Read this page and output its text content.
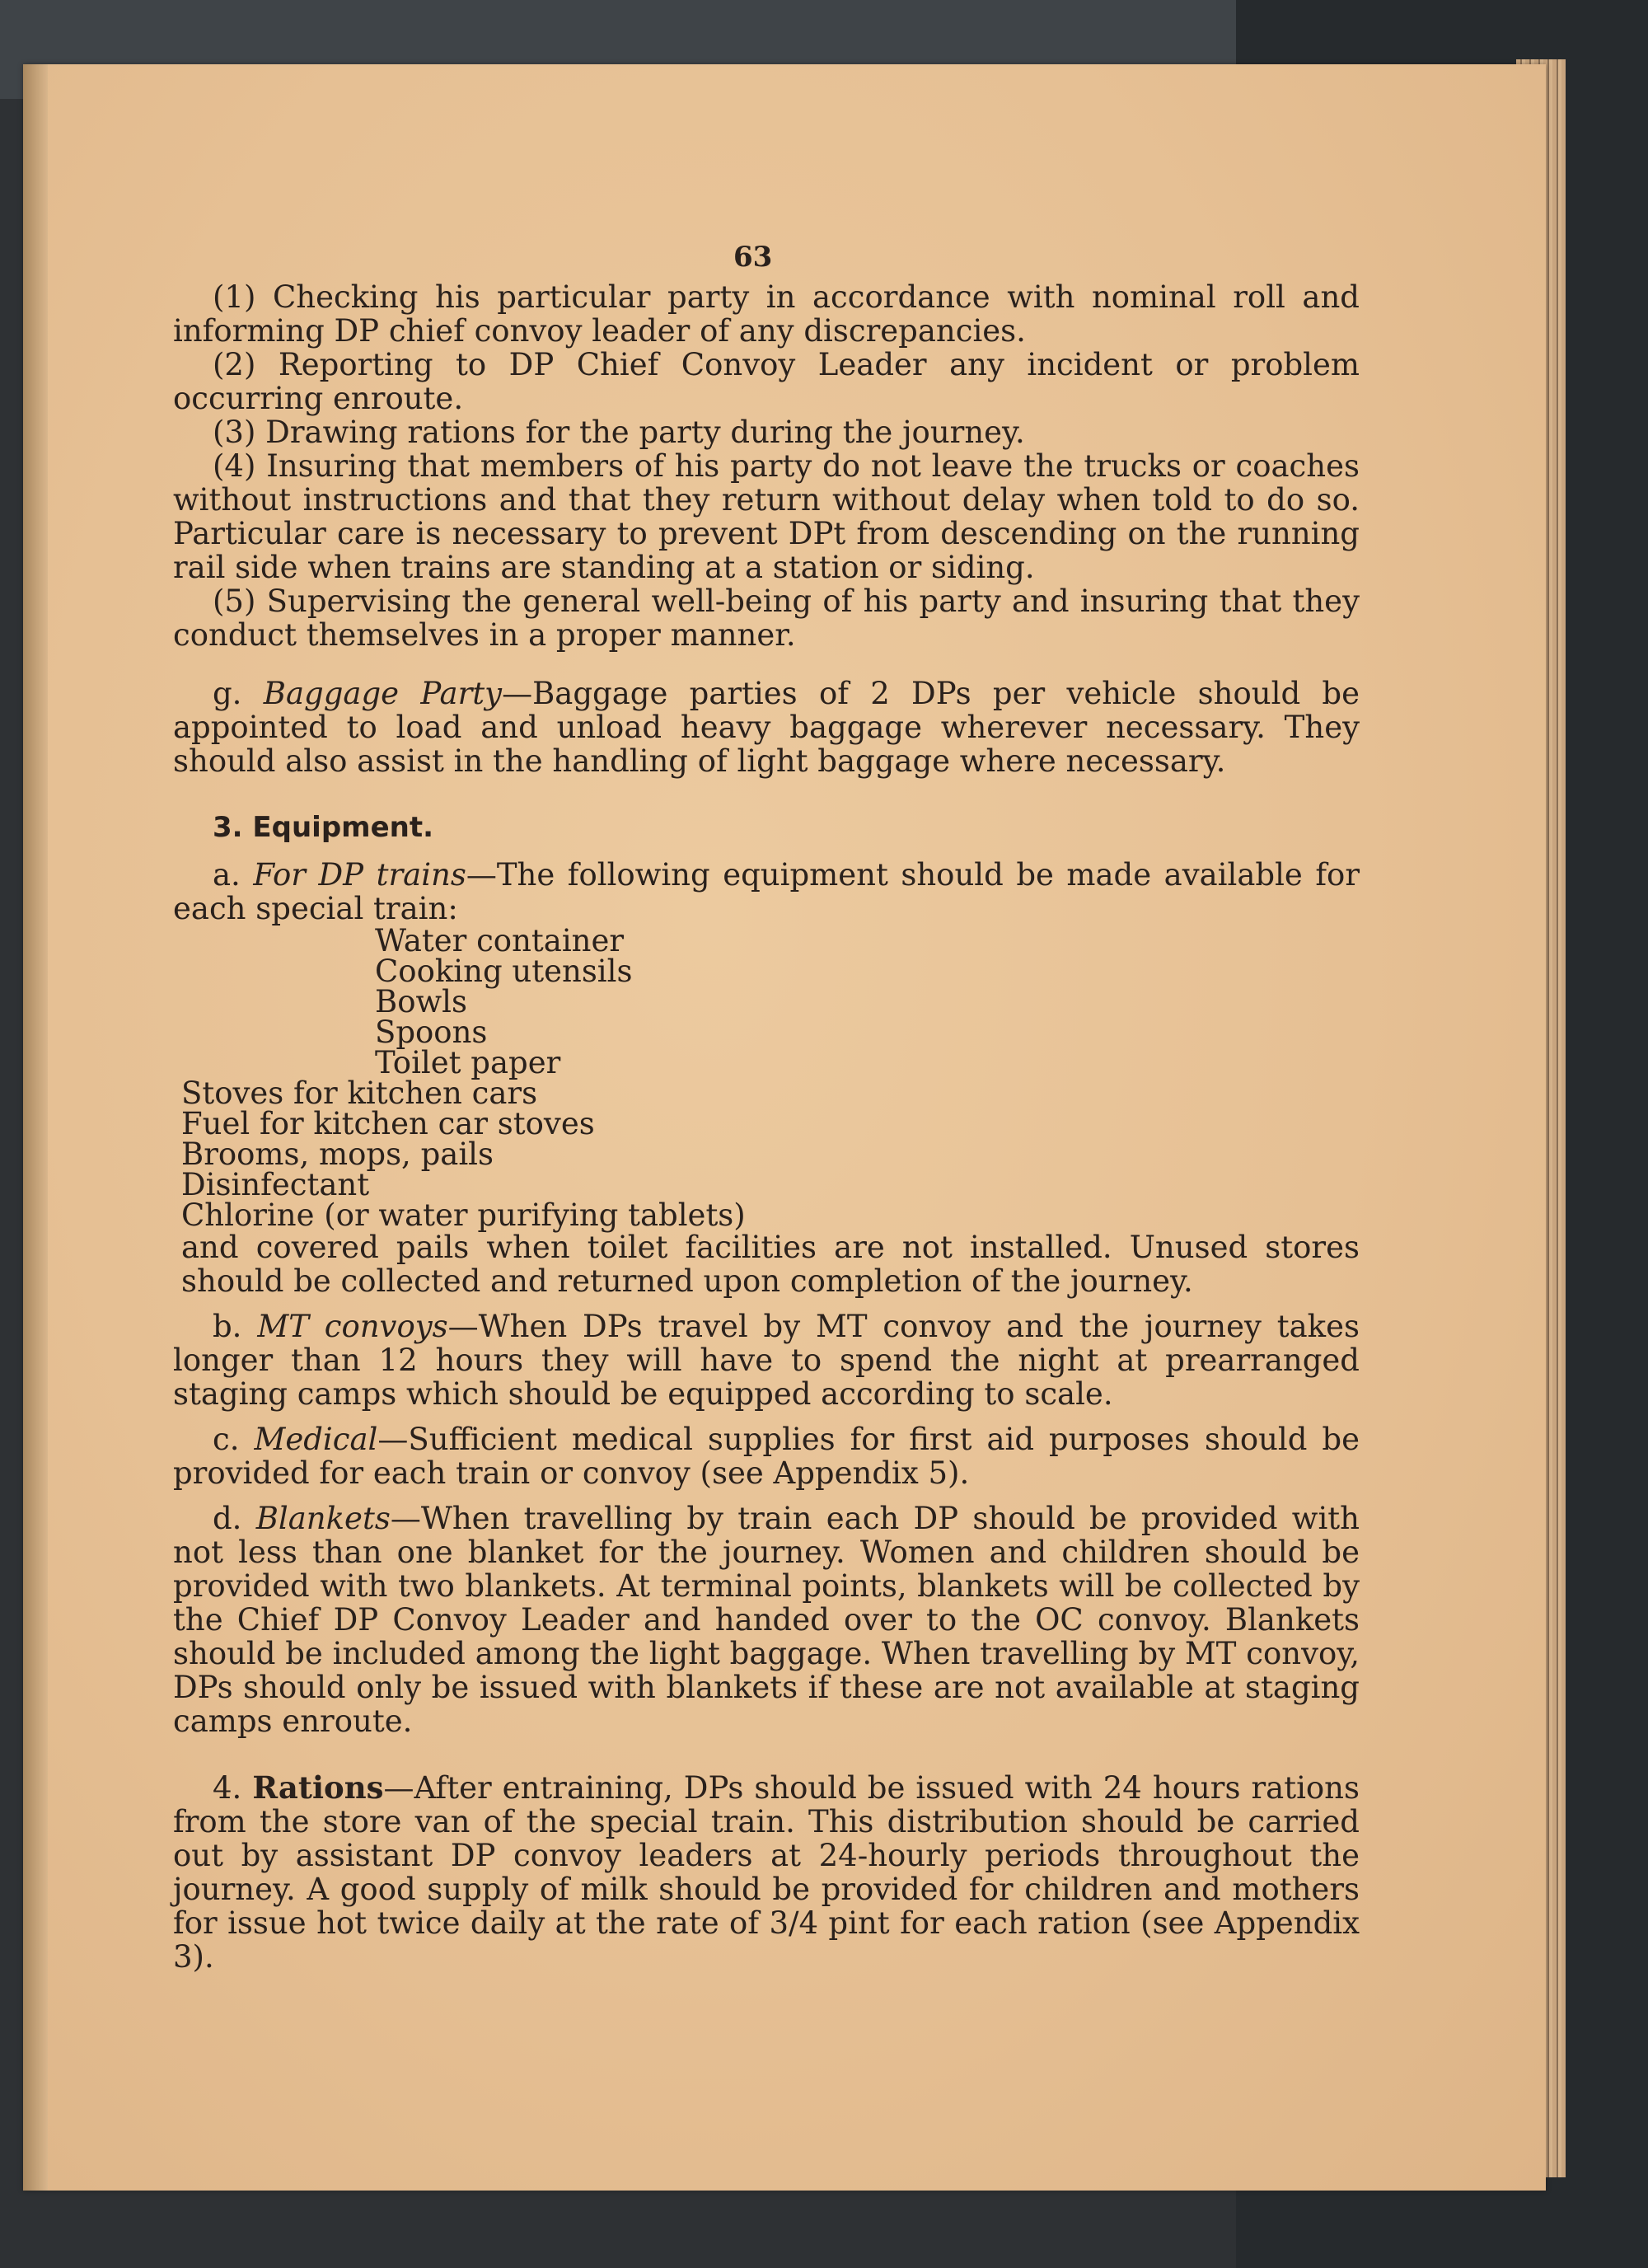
63

(1) Checking his particular party in accordance with nominal roll and informing DP chief convoy leader of any discrepancies.

(2) Reporting to DP Chief Convoy Leader any incident or problem occurring enroute.

(3) Drawing rations for the party during the journey.

(4) Insuring that members of his party do not leave the trucks or coaches without instructions and that they return without delay when told to do so. Particular care is necessary to prevent DPt from descending on the running rail side when trains are standing at a station or siding.

(5) Supervising the general well-being of his party and insuring that they conduct themselves in a proper manner.

g. Baggage Party—Baggage parties of 2 DPs per vehicle should be appointed to load and unload heavy baggage wherever necessary. They should also assist in the handling of light baggage where necessary.

3. Equipment.

a. For DP trains—The following equipment should be made available for each special train:

Water container
Cooking utensils
Bowls
Spoons
Toilet paper
Stoves for kitchen cars
Fuel for kitchen car stoves
Brooms, mops, pails
Disinfectant
Chlorine (or water purifying tablets)

and covered pails when toilet facilities are not installed. Unused stores should be collected and returned upon completion of the journey.

b. MT convoys—When DPs travel by MT convoy and the journey takes longer than 12 hours they will have to spend the night at prearranged staging camps which should be equipped according to scale.

c. Medical—Sufficient medical supplies for first aid purposes should be provided for each train or convoy (see Appendix 5).

d. Blankets—When travelling by train each DP should be provided with not less than one blanket for the journey. Women and children should be provided with two blankets. At terminal points, blankets will be collected by the Chief DP Convoy Leader and handed over to the OC convoy. Blankets should be included among the light baggage. When travelling by MT convoy, DPs should only be issued with blankets if these are not available at staging camps enroute.

4. Rations—After entraining, DPs should be issued with 24 hours rations from the store van of the special train. This distribution should be carried out by assistant DP convoy leaders at 24-hourly periods throughout the journey. A good supply of milk should be provided for children and mothers for issue hot twice daily at the rate of 3/4 pint for each ration (see Appendix 3).
